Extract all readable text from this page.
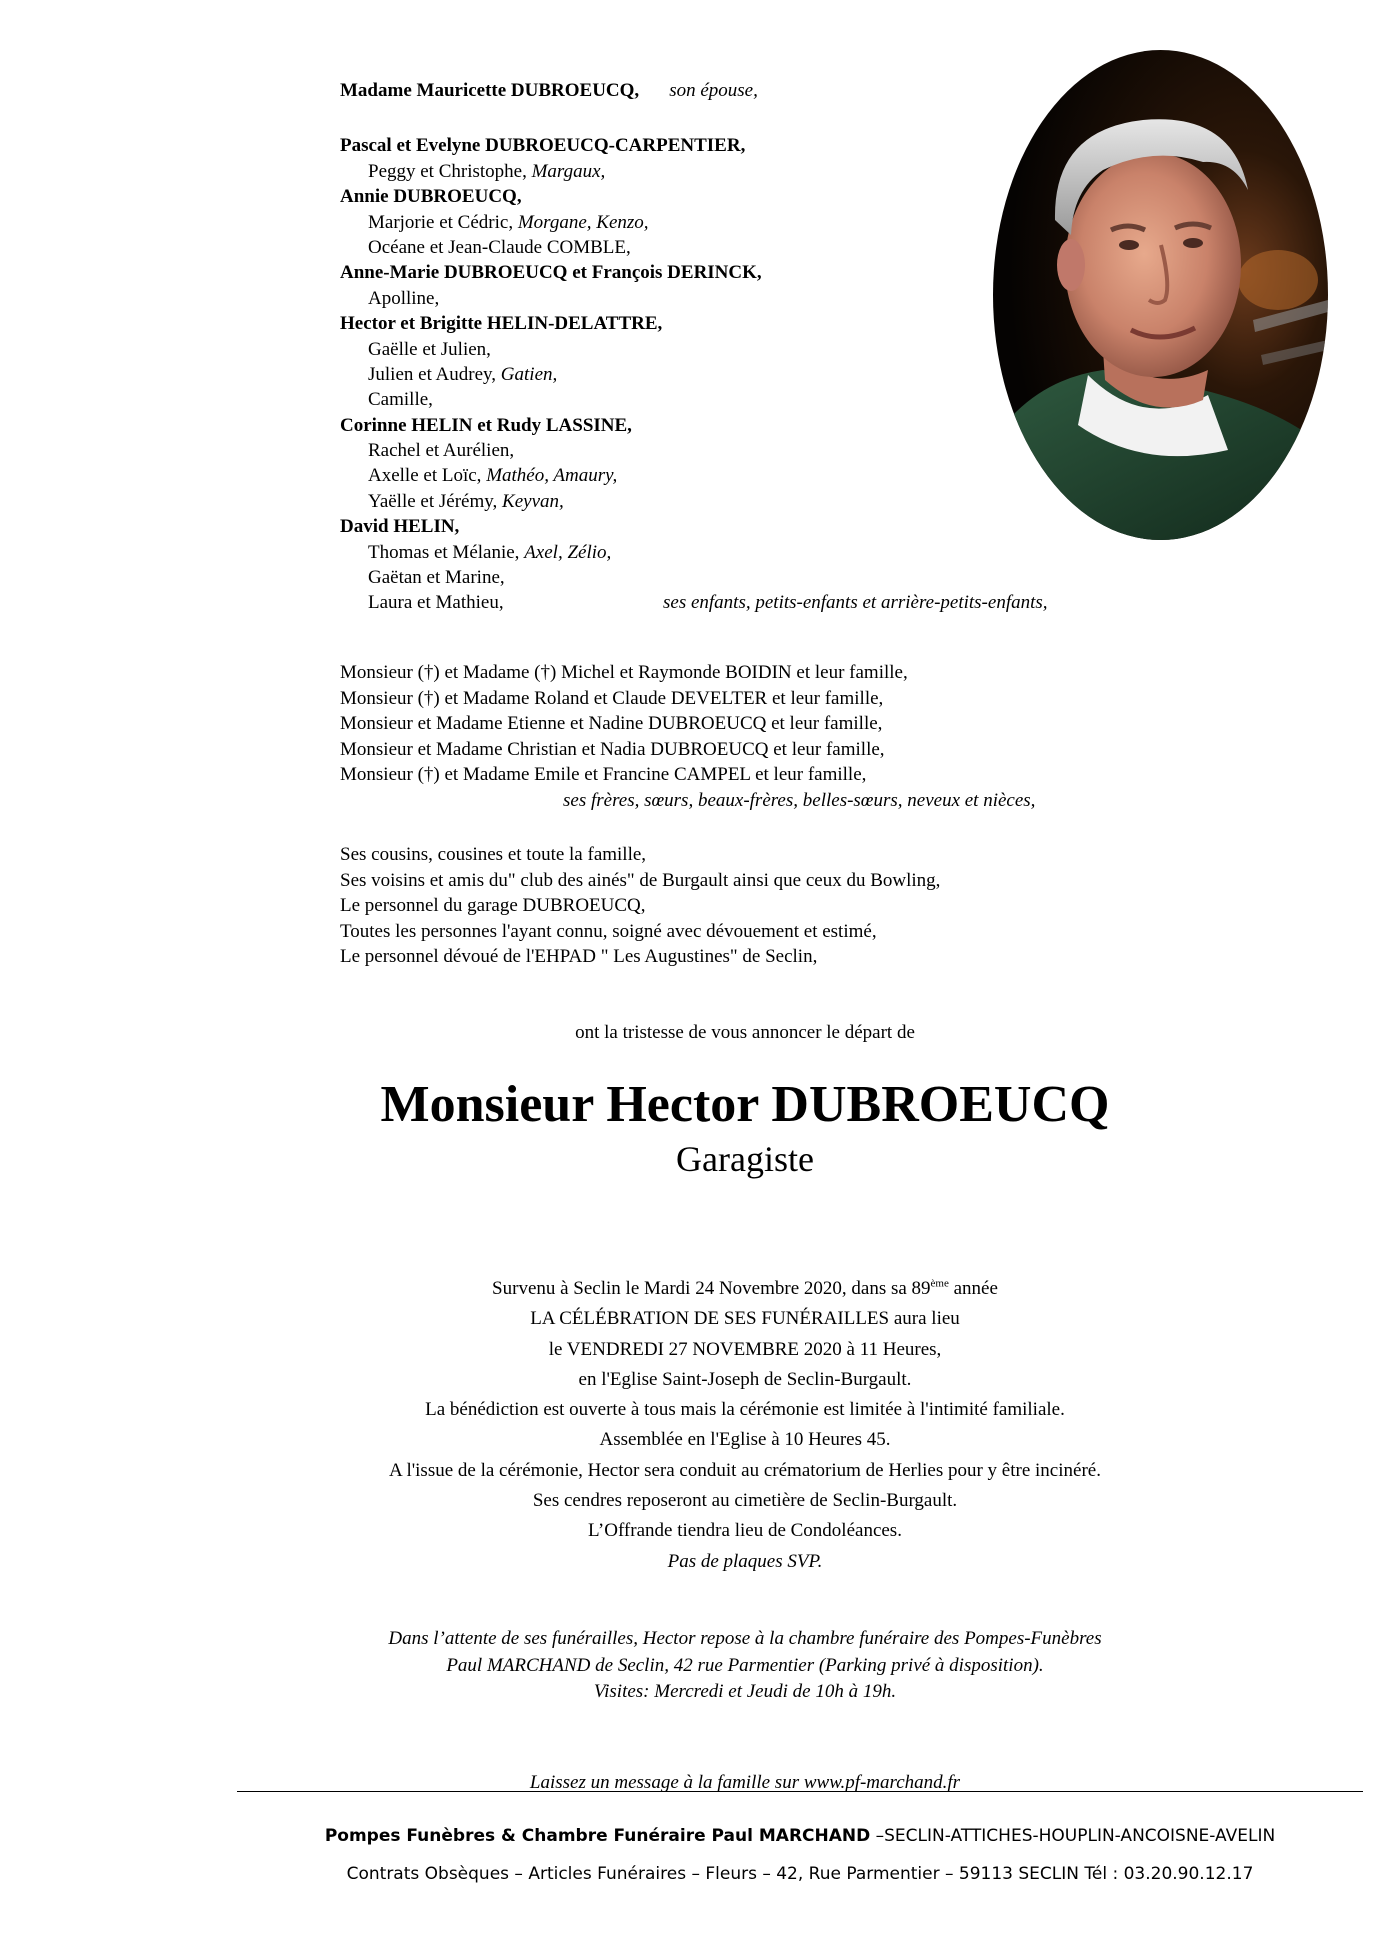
Madame Mauricette DUBROEUCQ, son épouse,
Pascal et Evelyne DUBROEUCQ-CARPENTIER,
Peggy et Christophe, Margaux,
Annie DUBROEUCQ,
Marjorie et Cédric, Morgane, Kenzo,
Océane et Jean-Claude COMBLE,
Anne-Marie DUBROEUCQ et François DERINCK,
Apolline,
Hector et Brigitte HELIN-DELATTRE,
Gaëlle et Julien,
Julien et Audrey, Gatien,
Camille,
Corinne HELIN et Rudy LASSINE,
Rachel et Aurélien,
Axelle et Loïc, Mathéo, Amaury,
Yaëlle et Jérémy, Keyvan,
David HELIN,
Thomas et Mélanie, Axel, Zélio,
Gaëtan et Marine,
Laura et Mathieu,	ses enfants, petits-enfants et arrière-petits-enfants,
Monsieur (†) et Madame (†) Michel et Raymonde BOIDIN et leur famille,
Monsieur (†) et Madame Roland et Claude DEVELTER et leur famille,
Monsieur et Madame Etienne et Nadine DUBROEUCQ et leur famille,
Monsieur et Madame Christian et Nadia DUBROEUCQ et leur famille,
Monsieur (†) et Madame Emile et Francine CAMPEL et leur famille,
ses frères, sœurs, beaux-frères, belles-sœurs, neveux et nièces,
Ses cousins, cousines et toute la famille,
Ses voisins et amis du" club des ainés" de Burgault ainsi que ceux du Bowling,
Le personnel du garage DUBROEUCQ,
Toutes les personnes l'ayant connu, soigné avec dévouement et estimé,
Le personnel dévoué de l'EHPAD " Les Augustines" de Seclin,
ont la tristesse de vous annoncer le départ de
Monsieur Hector DUBROEUCQ
Garagiste
Survenu à Seclin le Mardi 24 Novembre 2020, dans sa 89ème année
LA CÉLÉBRATION DE SES FUNÉRAILLES aura lieu
le VENDREDI 27 NOVEMBRE 2020 à 11 Heures,
en l'Eglise Saint-Joseph de Seclin-Burgault.
La bénédiction est ouverte à tous mais la cérémonie est limitée à l'intimité familiale.
Assemblée en l'Eglise à 10 Heures 45.
A l'issue de la cérémonie, Hector sera conduit au crématorium de Herlies pour y être incinéré.
Ses cendres reposeront au cimetière de Seclin-Burgault.
L’Offrande tiendra lieu de Condoléances.
Pas de plaques SVP.
Dans l’attente de ses funérailles, Hector repose à la chambre funéraire des Pompes-Funèbres
Paul MARCHAND de Seclin, 42 rue Parmentier (Parking privé à disposition).
Visites: Mercredi et Jeudi de 10h à 19h.
Laissez un message à la famille sur www.pf-marchand.fr
Pompes Funèbres & Chambre Funéraire Paul MARCHAND –SECLIN-ATTICHES-HOUPLIN-ANCOISNE-AVELIN
Contrats Obsèques – Articles Funéraires – Fleurs – 42, Rue Parmentier – 59113 SECLIN Tél : 03.20.90.12.17
